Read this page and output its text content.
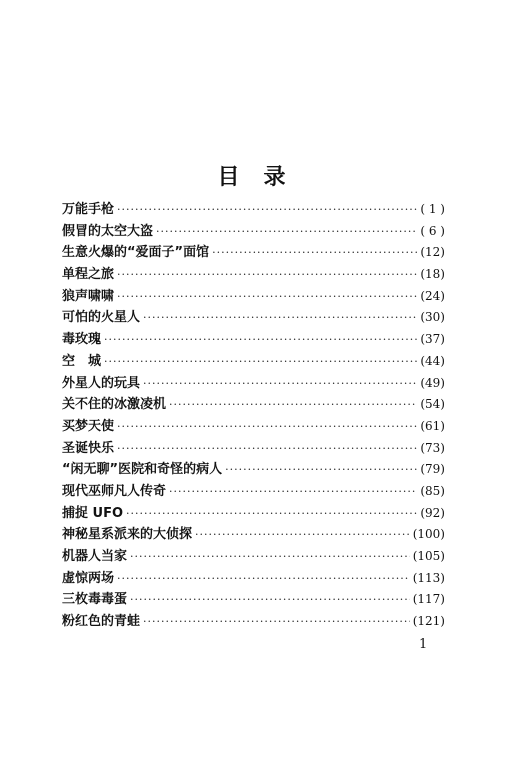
目 录
万能手枪 ·····	( 1 )
假冒的太空大盗 ·····	( 6 )
生意火爆的“爱面子”面馆 ·····	(12)
单程之旅 ·····	(18)
狼声啸啸 ·····	(24)
可怕的火星人 ·····	(30)
毒玫瑰 ·····	(37)
空　城 ·····	(44)
外星人的玩具 ·····	(49)
关不住的冰激凌机 ·····	(54)
买梦天使 ·····	(61)
圣诞快乐 ·····	(73)
“闲无聊”医院和奇怪的病人 ·····	(79)
现代巫师凡人传奇 ·····	(85)
捕捉 UFO ·····	(92)
神秘星系派来的大侦探 ·····	(100)
机器人当家 ·····	(105)
虚惊两场 ·····	(113)
三枚毒毒蛋 ·····	(117)
粉红色的青蛙 ·····	(121)
1
